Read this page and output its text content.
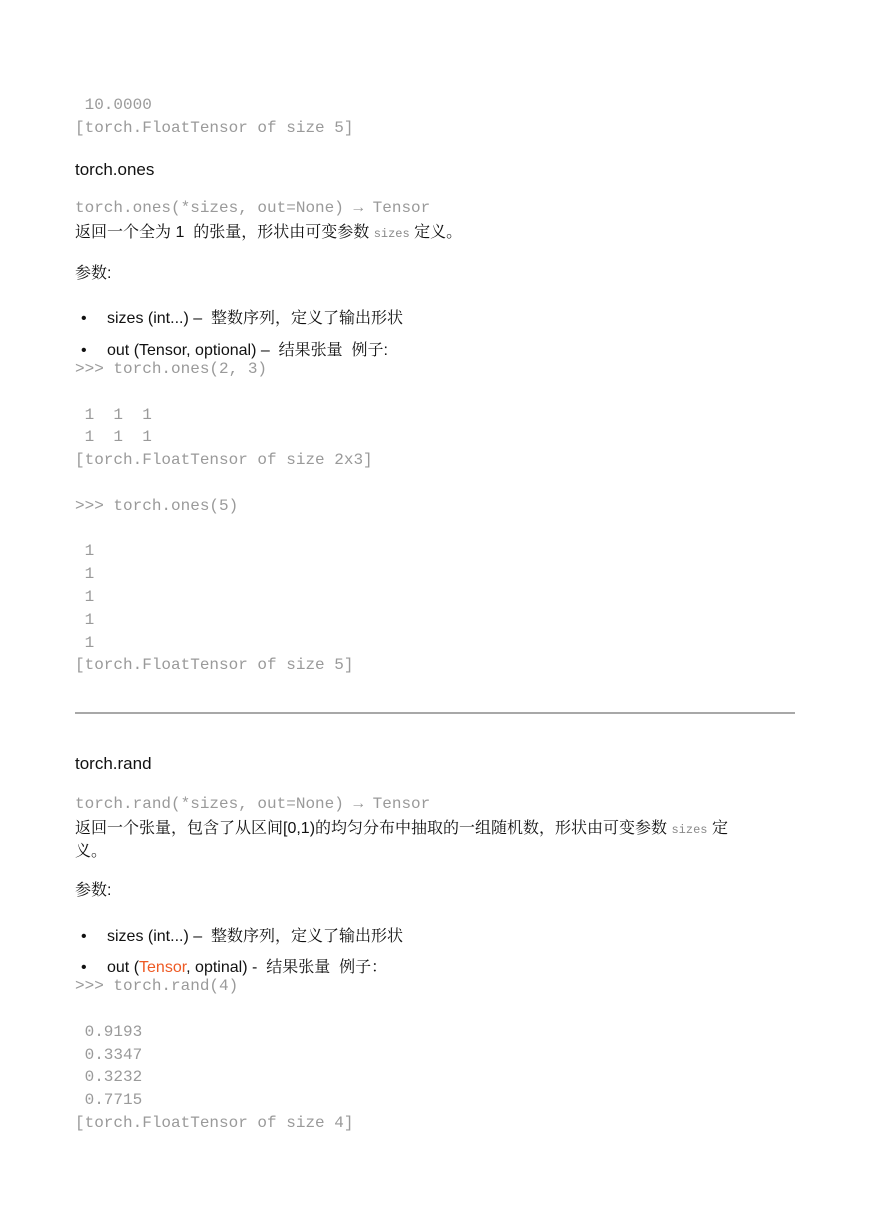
10.0000
[torch.FloatTensor of size 5]
torch.ones
torch.ones(*sizes, out=None) → Tensor
返回一个全为 1  的张量，形状由可变参数 sizes 定义。
参数:
• sizes (int...) –  整数序列，定义了输出形状
• out (Tensor, optional) –  结果张量  例子:
>>> torch.ones(2, 3)
1  1  1
1  1  1
[torch.FloatTensor of size 2x3]
>>> torch.ones(5)
1
1
1
1
1
[torch.FloatTensor of size 5]
torch.rand
torch.rand(*sizes, out=None) → Tensor
返回一个张量，包含了从区间[0,1)的均匀分布中抽取的一组随机数，形状由可变参数 sizes 定
义。
参数:
• sizes (int...) –  整数序列，定义了输出形状
• out (Tensor, optinal) -  结果张量  例子：
>>> torch.rand(4)
0.9193
0.3347
0.3232
0.7715
[torch.FloatTensor of size 4]
